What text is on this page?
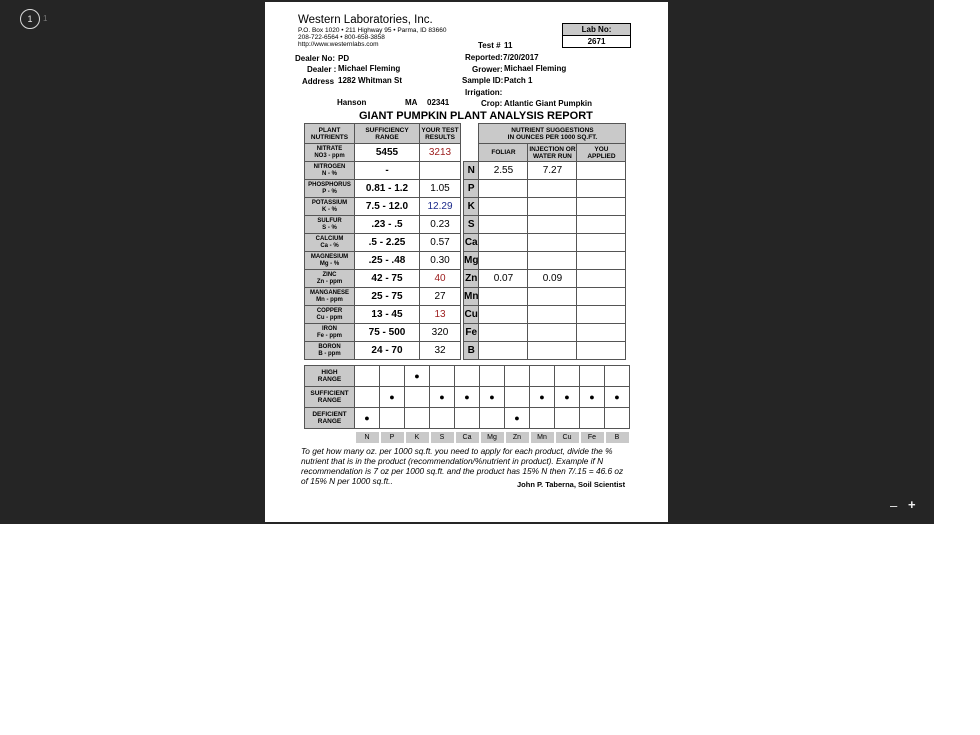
1 1
– +
Western Laboratories, Inc.
P.O. Box 1020 • 211 Highway 95 • Parma, ID 83660
208-722-6564 • 800-658-3858
http://www.westernlabs.com
Lab No:
2671
Test # 11
Dealer No: PD	Reported: 7/20/2017
Dealer : Michael Fleming	Grower: Michael Fleming
Address 1282 Whitman St	Sample ID: Patch 1
Irrigation:
Hanson	MA 02341	Crop: Atlantic Giant Pumpkin
GIANT PUMPKIN PLANT ANALYSIS REPORT
PLANT
NUTRIENTS	SUFFICIENCY
RANGE	YOUR TEST
RESULTS			NUTRIENT SUGGESTIONS
IN OUNCES PER 1000 SQ.FT.		
NITRATE
NO3 - ppm	5455	3213			FOLIAR	INJECTION OR
WATER RUN	YOU
APPLIED
NITROGEN
N - %	-			N	2.55	7.27	
PHOSPHORUS
P - %	0.81 - 1.2	1.05		P			
POTASSIUM
K - %	7.5 - 12.0	12.29		K			
SULFUR
S - %	.23 - .5	0.23		S			
CALCIUM
Ca - %	.5 - 2.25	0.57		Ca			
MAGNESIUM
Mg - %	.25 - .48	0.30		Mg			
ZINC
Zn - ppm	42 - 75	40		Zn	0.07	0.09	
MANGANESE
Mn - ppm	25 - 75	27		Mn			
COPPER
Cu - ppm	13 - 45	13		Cu			
IRON
Fe - ppm	75 - 500	320		Fe			
BORON
B - ppm	24 - 70	32		B			
HIGH
RANGE			●								
SUFFICIENT
RANGE		●		●	●	●		●	●	●	●
DEFICIENT
RANGE	●						●				

	N	P	K	S	Ca	Mg	Zn	Mn	Cu	Fe	B
To get how many oz. per 1000 sq.ft. you need to apply for each product, divide the % nutrient that is in the product (recommendation/%nutrient in product). Example if N recommendation is 7 oz per 1000 sq.ft. and the product has 15% N then 7/.15 = 46.6 oz of 15% N per 1000 sq.ft..	John P. Taberna, Soil Scientist
